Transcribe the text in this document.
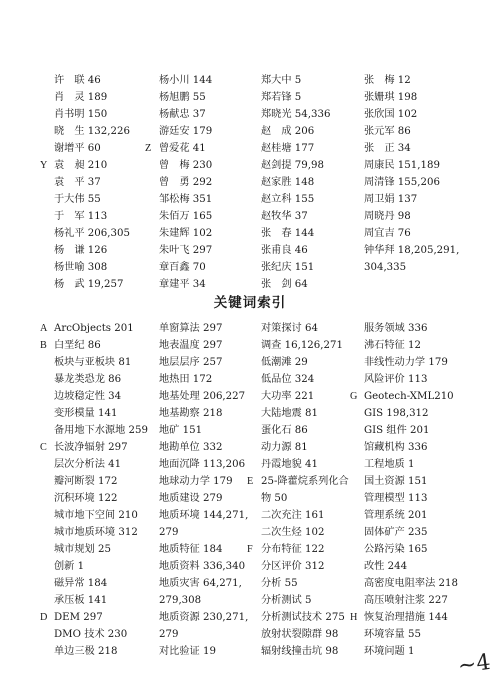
许　联 46
肖　灵 189
肖书明 150
晓　生 132,226
谢增平 60
Y 袁　昶 210
袁　平 37
于大伟 55
于　军 113
杨礼平 206,305
杨　谦 126
杨世喻 308
杨　武 19,257
杨小川 144
杨旭鹏 55
杨献忠 37
游廷安 179
Z 曾爱花 41
曾　梅 230
曾　勇 292
邹松梅 351
朱佰万 165
朱建辉 102
朱叶飞 297
章百鑫 70
章建平 34
郑大中 5
郑若锋 5
郑晓光 54,336
赵　成 206
赵桂塘 177
赵剑提 79,98
赵家胜 148
赵立科 155
赵牧华 37
张　春 144
张甫良 46
张纪庆 151
张　剑 64
张　梅 12
张姗琪 198
张欣国 102
张元军 86
张　正 34
周康民 151,189
周清锋 155,206
周卫娟 137
周晓丹 98
周宜吉 76
钟华拜 18,205,291,
304,335
关键词索引
A ArcObjects 201
B 白垩纪 86
板块与亚板块 81
暴龙类恐龙 86
边坡稳定性 34
变形模量 141
备用地下水源地 259
C 长波净辐射 297
层次分析法 41
瓣河断裂 172
沉积环境 122
城市地下空间 210
城市地质环境 312
城市规划 25
创新 1
磁异常 184
承压板 141
D DEM 297
DMO 技术 230
单边三极 218
单窗算法 297
地表温度 297
地层层序 257
地热田 172
地基处理 206,227
地基勘察 218
地矿 151
地勘单位 332
地面沉降 113,206
地球动力学 179
地质建设 279
地质环境 144,271,
279
地质特征 184
地质资料 336,340
地质灾害 64,271,
279,308
地质资源 230,271,
279
对比验证 19
对策探讨 64
调查 16,126,271
低潮滩 29
低品位 324
大功率 221
大陆地震 81
蛋化石 86
动力源 81
丹霞地貌 41
E 25-降藿烷系列化合
物 50
二次充注 161
二次生烃 102
F 分布特征 122
分区评价 312
分析 55
分析测试 5
分析测试技术 275
放射状裂隙群 98
辐射线撞击坑 98
服务领域 336
沸石特征 12
非线性动力学 179
风险评价 113
G Geotech-XML210
GIS 198,312
GIS 组件 201
馆藏机构 336
工程地质 1
国土资源 151
管理模型 113
管理系统 201
固体矿产 235
公路污染 165
改性 244
高密度电阻率法 218
高压喷射注浆 227
H 恢复治理措施 144
环境容量 55
环境问题 1 ~4
